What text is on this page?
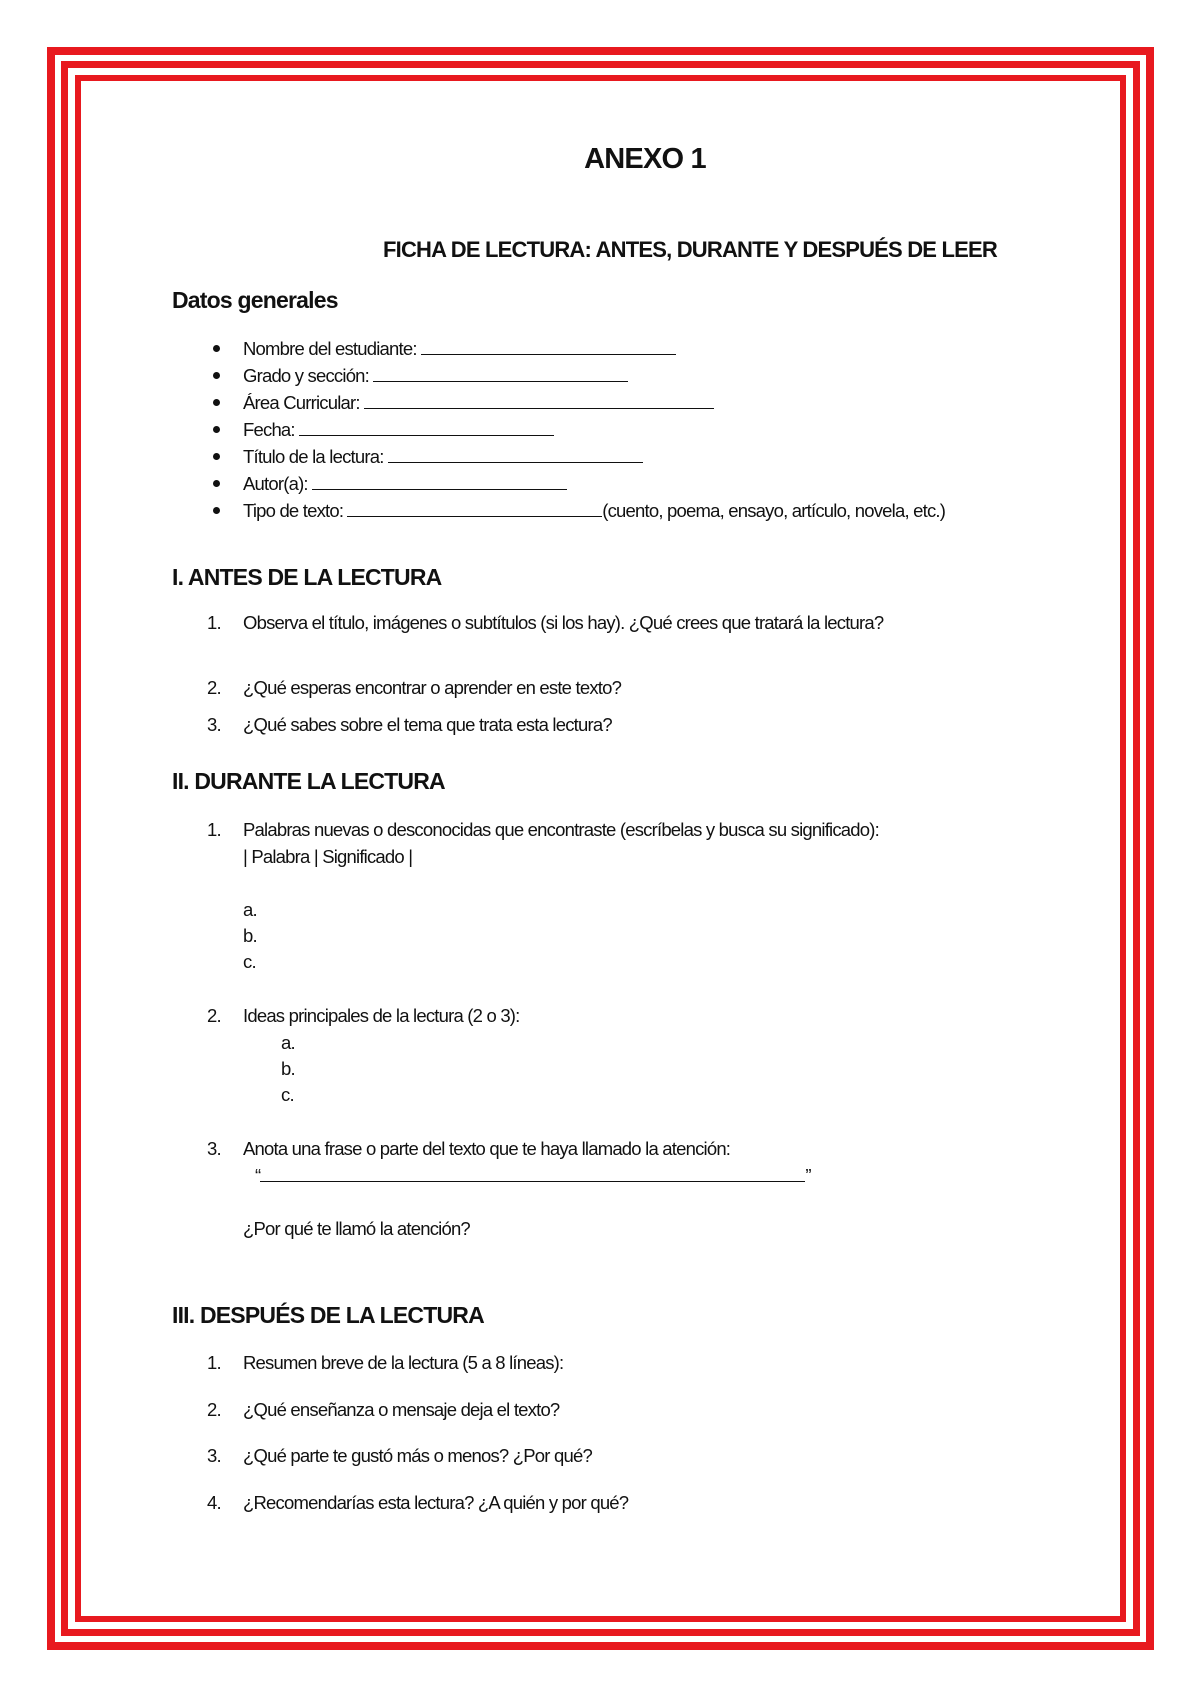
ANEXO 1
FICHA DE LECTURA: ANTES, DURANTE Y DESPUÉS DE LEER
Datos generales
Nombre del estudiante:
Grado y sección:
Área Curricular:
Fecha:
Título de la lectura:
Autor(a):
Tipo de texto:	(cuento, poema, ensayo, artículo, novela, etc.)
I. ANTES DE LA LECTURA
1. Observa el título, imágenes o subtítulos (si los hay). ¿Qué crees que tratará la lectura?
2. ¿Qué esperas encontrar o aprender en este texto?
3. ¿Qué sabes sobre el tema que trata esta lectura?
II. DURANTE LA LECTURA
1. Palabras nuevas o desconocidas que encontraste (escríbelas y busca su significado):
| Palabra | Significado |
a.
b.
c.
2. Ideas principales de la lectura (2 o 3):
a.
b.
c.
3. Anota una frase o parte del texto que te haya llamado la atención:
“	”
¿Por qué te llamó la atención?
III. DESPUÉS DE LA LECTURA
1. Resumen breve de la lectura (5 a 8 líneas):
2. ¿Qué enseñanza o mensaje deja el texto?
3. ¿Qué parte te gustó más o menos? ¿Por qué?
4. ¿Recomendarías esta lectura? ¿A quién y por qué?
